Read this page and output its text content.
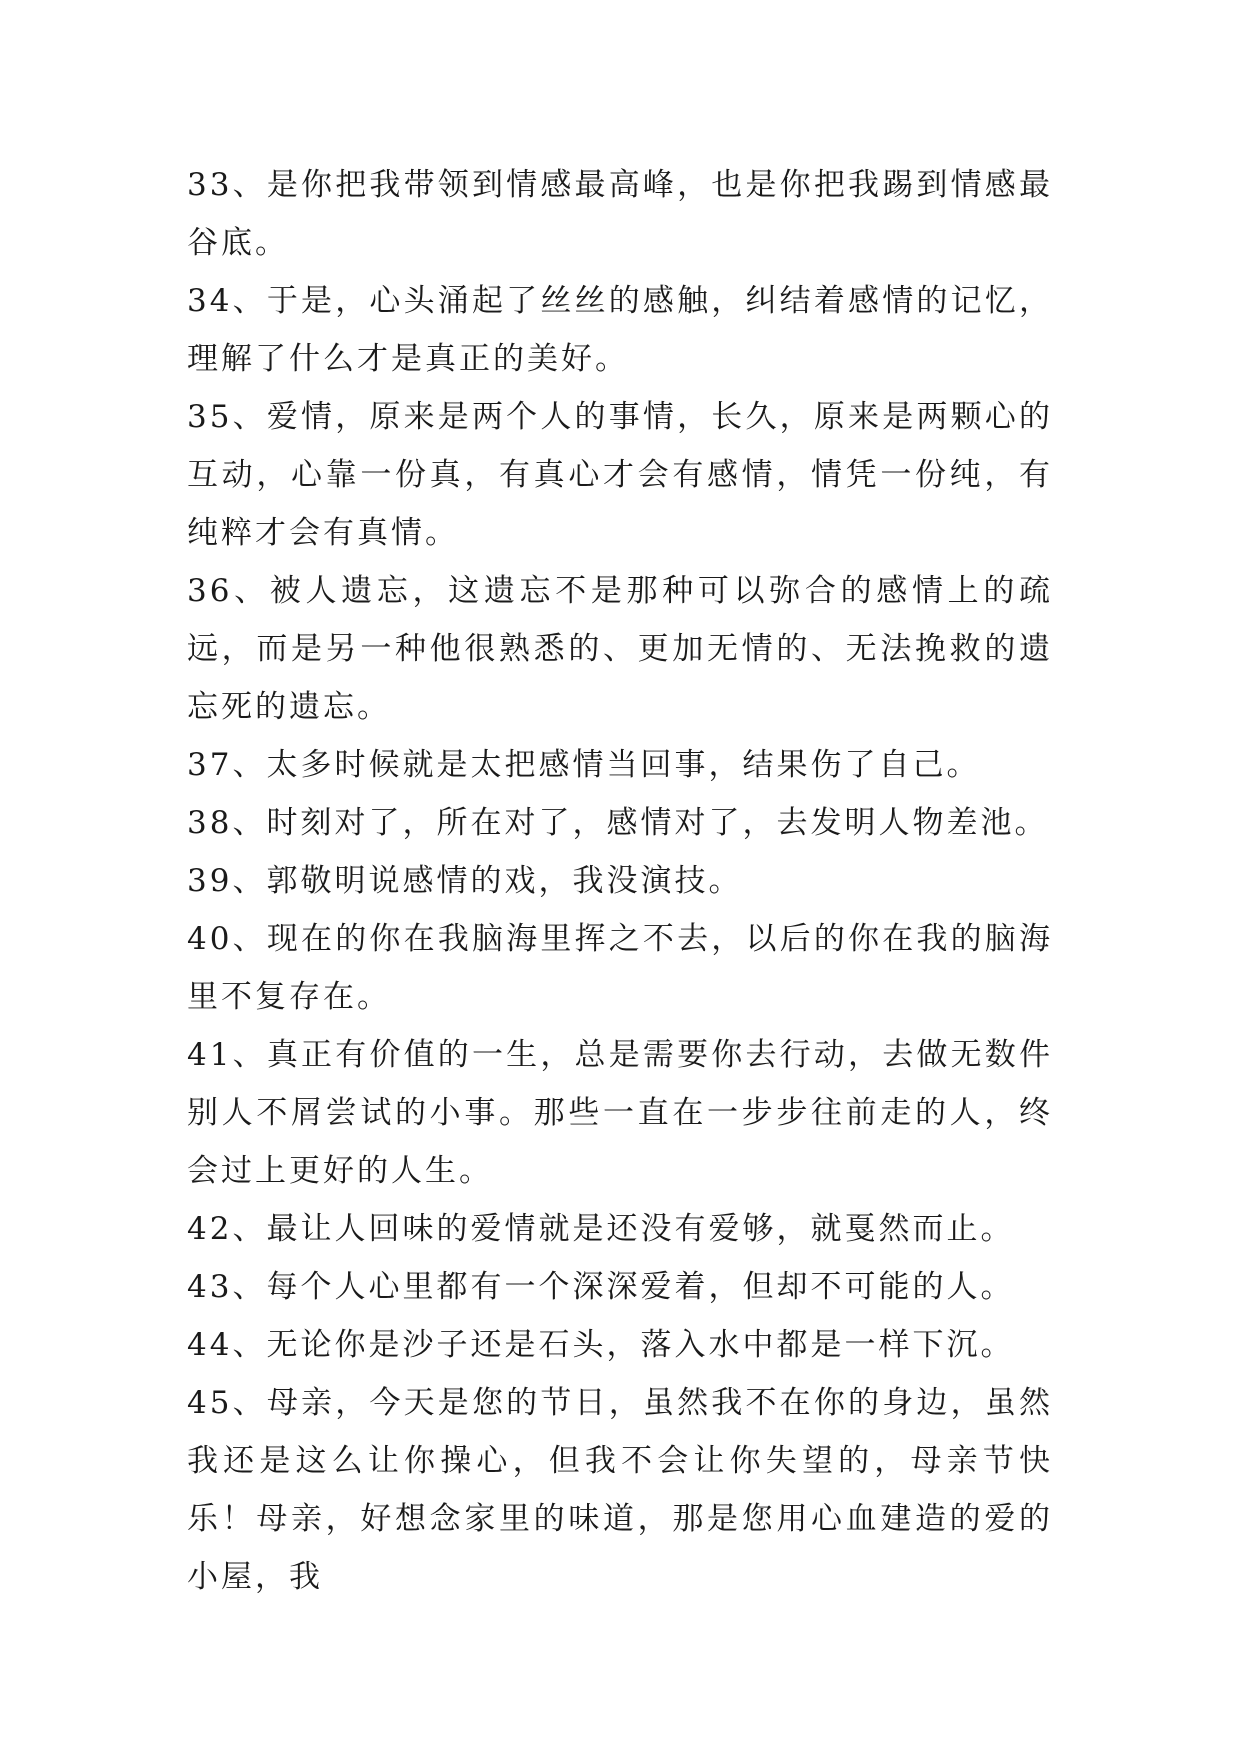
33、是你把我带领到情感最高峰，也是你把我踢到情感最谷底。

34、于是，心头涌起了丝丝的感触，纠结着感情的记忆，理解了什么才是真正的美好。

35、爱情，原来是两个人的事情，长久，原来是两颗心的互动，心靠一份真，有真心才会有感情，情凭一份纯，有纯粹才会有真情。

36、被人遗忘，这遗忘不是那种可以弥合的感情上的疏远，而是另一种他很熟悉的、更加无情的、无法挽救的遗忘死的遗忘。

37、太多时候就是太把感情当回事，结果伤了自己。

38、时刻对了，所在对了，感情对了，去发明人物差池。

39、郭敬明说感情的戏，我没演技。

40、现在的你在我脑海里挥之不去，以后的你在我的脑海里不复存在。

41、真正有价值的一生，总是需要你去行动，去做无数件别人不屑尝试的小事。那些一直在一步步往前走的人，终会过上更好的人生。

42、最让人回味的爱情就是还没有爱够，就戛然而止。

43、每个人心里都有一个深深爱着，但却不可能的人。

44、无论你是沙子还是石头，落入水中都是一样下沉。

45、母亲，今天是您的节日，虽然我不在你的身边，虽然我还是这么让你操心，但我不会让你失望的，母亲节快乐！母亲，好想念家里的味道，那是您用心血建造的爱的小屋，我
